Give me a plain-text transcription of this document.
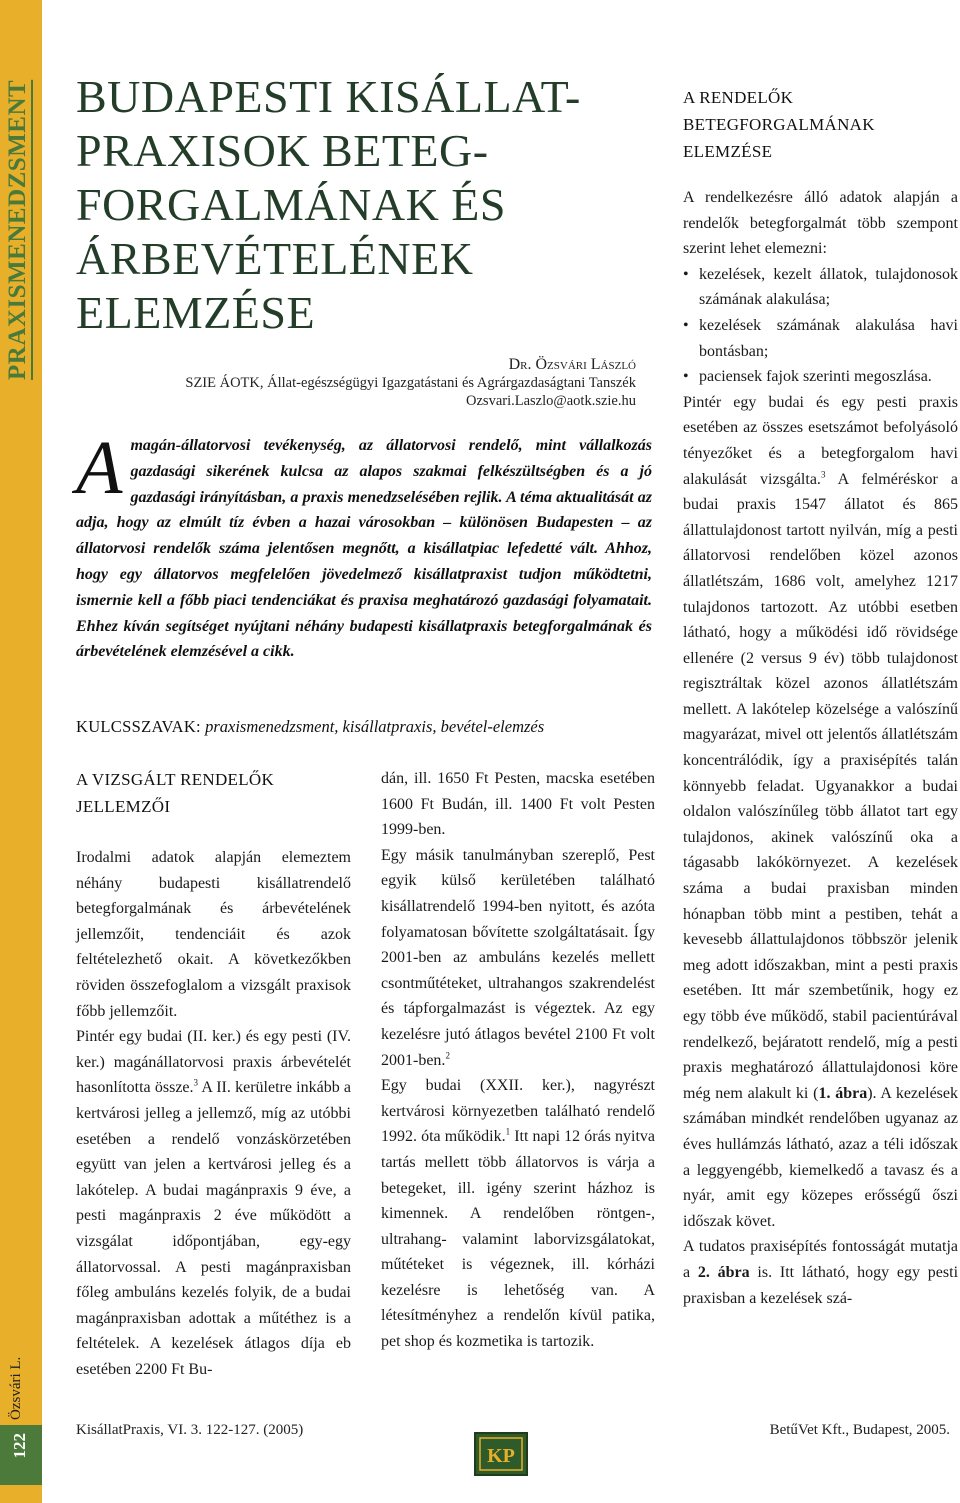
PRAXISMENEDZSMENT
Özsvári L.
122
BUDAPESTI KISÁLLAT-
PRAXISOK BETEG-
FORGALMÁNAK ÉS
ÁRBEVÉTELÉNEK
ELEMZÉSE
Dr. Özsvári László
SZIE ÁOTK, Állat-egészségügyi Igazgatástani és Agrárgazdaságtani Tanszék
Ozsvari.Laszlo@aotk.szie.hu
A magán-állatorvosi tevékenység, az állatorvosi rendelő, mint vállalkozás gazdasági sikerének kulcsa az alapos szakmai felkészültségben és a jó gazdasági irányításban, a praxis menedzselésében rejlik. A téma aktualitását az adja, hogy az elmúlt tíz évben a hazai városokban – különösen Budapesten – az állatorvosi rendelők száma jelentősen megnőtt, a kisállatpiac lefedetté vált. Ahhoz, hogy egy állatorvos megfelelően jövedelmező kisállatpraxist tudjon működtetni, ismernie kell a főbb piaci tendenciákat és praxisa meghatározó gazdasági folyamatait. Ehhez kíván segítséget nyújtani néhány budapesti kisállatpraxis betegforgalmának és árbevételének elemzésével a cikk.
KULCSSZAVAK: praxismenedzsment, kisállatpraxis, bevétel-elemzés
A VIZSGÁLT RENDELŐK JELLEMZŐI

Irodalmi adatok alapján elemeztem néhány budapesti kisállatrendelő betegforgalmának és árbevételének jellemzőit, tendenciáit és azok feltételezhető okait. A következőkben röviden összefoglalom a vizsgált praxisok főbb jellemzőit.

Pintér egy budai (II. ker.) és egy pesti (IV. ker.) magánállatorvosi praxis árbevételét hasonlította össze.$^3$ A II. kerületre inkább a kertvárosi jelleg a jellemző, míg az utóbbi esetében a rendelő vonzáskörzetében együtt van jelen a kertvárosi jelleg és a lakótelep. A budai magánpraxis 9 éve, a pesti magánpraxis 2 éve működött a vizsgálat időpontjában, egy-egy állatorvossal. A pesti magánpraxisban főleg ambuláns kezelés folyik, de a budai magánpraxisban adottak a műtéthez is a feltételek. A kezelések átlagos díja eb esetében 2200 Ft Bu-

dán, ill. 1650 Ft Pesten, macska esetében 1600 Ft Budán, ill. 1400 Ft volt Pesten 1999-ben.

Egy másik tanulmányban szereplő, Pest egyik külső kerületében található kisállatrendelő 1994-ben nyitott, és azóta folyamatosan bővítette szolgáltatásait. Így 2001-ben az ambuláns kezelés mellett csontműtéteket, ultrahangos szakrendelést és tápforgalmazást is végeztek. Az egy kezelésre jutó átlagos bevétel 2100 Ft volt 2001-ben.$^2$

Egy budai (XXII. ker.), nagyrészt kertvárosi környezetben található rendelő 1992. óta működik.$^1$ Itt napi 12 órás nyitva tartás mellett több állatorvos is várja a betegeket, ill. igény szerint házhoz is kimennek. A rendelőben röntgen-, ultrahang- valamint laborvizsgálatokat, műtéteket is végeznek, ill. kórházi kezelésre is lehetőség van. A létesítményhez a rendelőn kívül patika, pet shop és kozmetika is tartozik.

A RENDELŐK BETEGFORGALMÁNAK ELEMZÉSE

A rendelkezésre álló adatok alapján a rendelők betegforgalmát több szempont szerint lehet elemezni:

• kezelések, kezelt állatok, tulajdonosok számának alakulása;
• kezelések számának alakulása havi bontásban;
• paciensek fajok szerinti megoszlása.

Pintér egy budai és egy pesti praxis esetében az összes esetszámot befolyásoló tényezőket és a betegforgalom havi alakulását vizsgálta.$^3$ A felméréskor a budai praxis 1547 állatot és 865 állattulajdonost tartott nyilván, míg a pesti állatorvosi rendelőben közel azonos állatlétszám, 1686 volt, amelyhez 1217 tulajdonos tartozott. Az utóbbi esetben látható, hogy a működési idő rövidsége ellenére (2 versus 9 év) több tulajdonost regisztráltak közel azonos állatlétszám mellett. A lakótelep közelsége a valószínű magyarázat, mivel ott jelentős állatlétszám koncentrálódik, így a praxisépítés talán könnyebb feladat. Ugyanakkor a budai oldalon valószínűleg több állatot tart egy tulajdonos, akinek valószínű oka a tágasabb lakókörnyezet. A kezelések száma a budai praxisban minden hónapban több mint a pestiben, tehát a kevesebb állattulajdonos többször jelenik meg adott időszakban, mint a pesti praxis esetében. Itt már szembetűnik, hogy ez egy több éve működő, stabil pacientúrával rendelkező, bejáratott rendelő, míg a pesti praxis meghatározó állattulajdonosi köre még nem alakult ki (1. ábra). A kezelések számában mindkét rendelőben ugyanaz az éves hullámzás látható, azaz a téli időszak a leggyengébb, kiemelkedő a tavasz és a nyár, amit egy közepes erősségű őszi időszak követ.

A tudatos praxisépítés fontosságát mutatja a 2. ábra is. Itt látható, hogy egy pesti praxisban a kezelések szá-

KisállatPraxis, VI. 3. 122-127. (2005)
KP
BetűVet Kft., Budapest, 2005.
